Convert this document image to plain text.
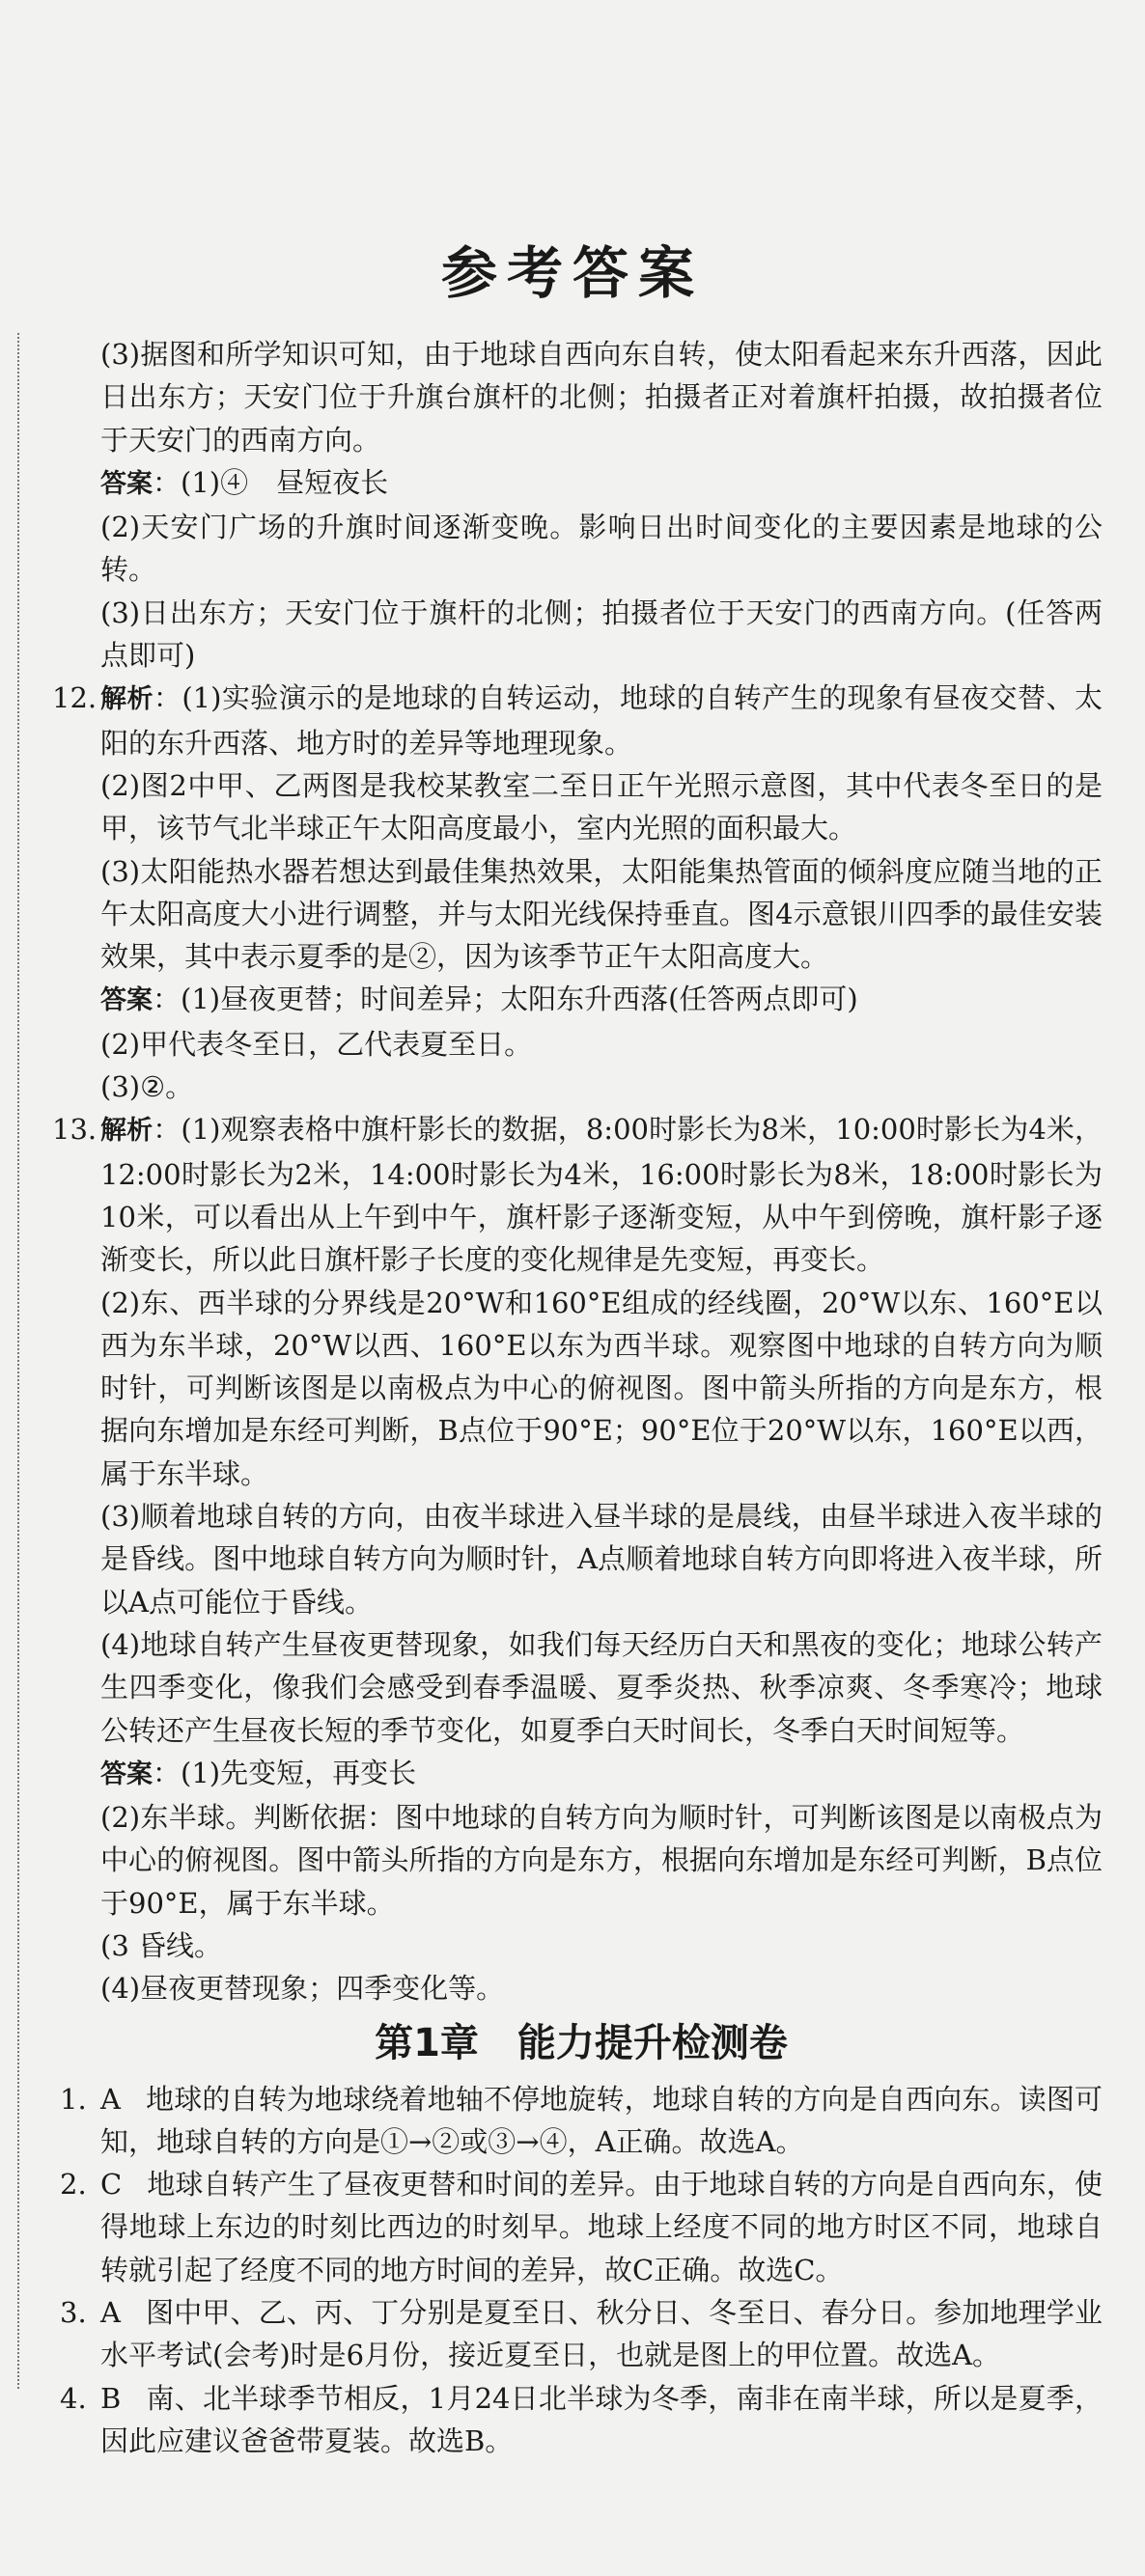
参考答案

(3)据图和所学知识可知，由于地球自西向东自转，使太阳看起来东升西落，因此日出东方；天安门位于升旗台旗杆的北侧；拍摄者正对着旗杆拍摄，故拍摄者位于天安门的西南方向。

答案：(1)④　昼短夜长

(2)天安门广场的升旗时间逐渐变晚。影响日出时间变化的主要因素是地球的公转。

(3)日出东方；天安门位于旗杆的北侧；拍摄者位于天安门的西南方向。(任答两点即可)

12. 解析：(1)实验演示的是地球的自转运动，地球的自转产生的现象有昼夜交替、太阳的东升西落、地方时的差异等地理现象。

(2)图2中甲、乙两图是我校某教室二至日正午光照示意图，其中代表冬至日的是甲，该节气北半球正午太阳高度最小，室内光照的面积最大。

(3)太阳能热水器若想达到最佳集热效果，太阳能集热管面的倾斜度应随当地的正午太阳高度大小进行调整，并与太阳光线保持垂直。图4示意银川四季的最佳安装效果，其中表示夏季的是②，因为该季节正午太阳高度大。

答案：(1)昼夜更替；时间差异；太阳东升西落(任答两点即可)

(2)甲代表冬至日，乙代表夏至日。

(3)②。

13. 解析：(1)观察表格中旗杆影长的数据，8:00时影长为8米，10:00时影长为4米，12:00时影长为2米，14:00时影长为4米，16:00时影长为8米，18:00时影长为10米，可以看出从上午到中午，旗杆影子逐渐变短，从中午到傍晚，旗杆影子逐渐变长，所以此日旗杆影子长度的变化规律是先变短，再变长。

(2)东、西半球的分界线是20°W和160°E组成的经线圈，20°W以东、160°E以西为东半球，20°W以西、160°E以东为西半球。观察图中地球的自转方向为顺时针，可判断该图是以南极点为中心的俯视图。图中箭头所指的方向是东方，根据向东增加是东经可判断，B点位于90°E；90°E位于20°W以东，160°E以西，属于东半球。

(3)顺着地球自转的方向，由夜半球进入昼半球的是晨线，由昼半球进入夜半球的是昏线。图中地球自转方向为顺时针，A点顺着地球自转方向即将进入夜半球，所以A点可能位于昏线。

(4)地球自转产生昼夜更替现象，如我们每天经历白天和黑夜的变化；地球公转产生四季变化，像我们会感受到春季温暖、夏季炎热、秋季凉爽、冬季寒冷；地球公转还产生昼夜长短的季节变化，如夏季白天时间长，冬季白天时间短等。

答案：(1)先变短，再变长

(2)东半球。判断依据：图中地球的自转方向为顺时针，可判断该图是以南极点为中心的俯视图。图中箭头所指的方向是东方，根据向东增加是东经可判断，B点位于90°E，属于东半球。

(3 昏线。

(4)昼夜更替现象；四季变化等。

第1章　能力提升检测卷
1. A 地球的自转为地球绕着地轴不停地旋转，地球自转的方向是自西向东。读图可知，地球自转的方向是①→②或③→④，A正确。故选A。

2. C 地球自转产生了昼夜更替和时间的差异。由于地球自转的方向是自西向东，使得地球上东边的时刻比西边的时刻早。地球上经度不同的地方时区不同，地球自转就引起了经度不同的地方时间的差异，故C正确。故选C。

3. A 图中甲、乙、丙、丁分别是夏至日、秋分日、冬至日、春分日。参加地理学业水平考试(会考)时是6月份，接近夏至日，也就是图上的甲位置。故选A。

4. B 南、北半球季节相反，1月24日北半球为冬季，南非在南半球，所以是夏季，因此应建议爸爸带夏装。故选B。
